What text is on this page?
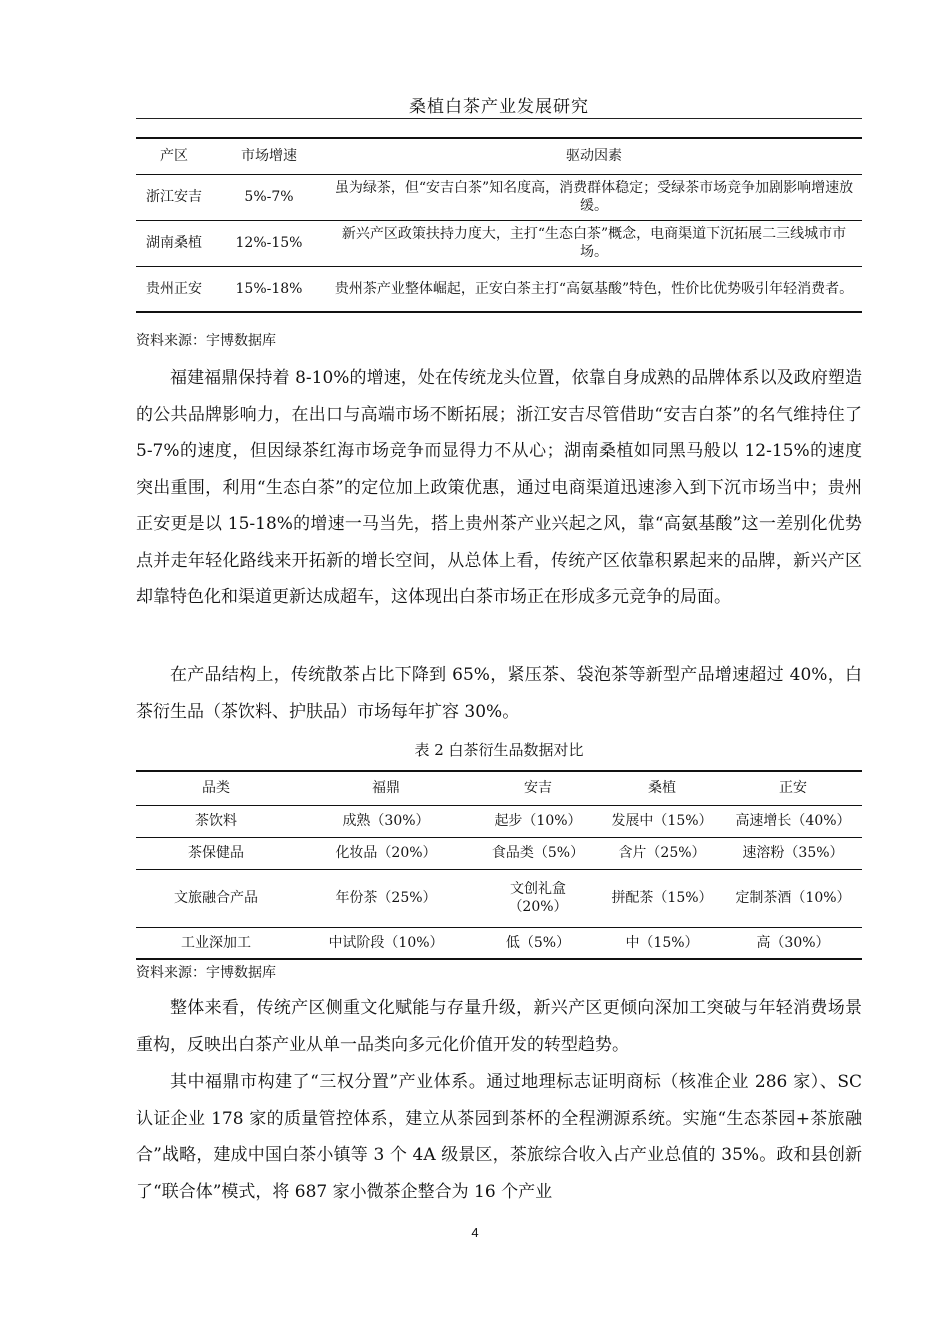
桑植白茶产业发展研究
产区	市场增速	驱动因素
浙江安吉	5%-7%	虽为绿茶，但“安吉白茶”知名度高，消费群体稳定；受绿茶市场竞争加剧影响增速放缓。
湖南桑植	12%-15%	新兴产区政策扶持力度大，主打“生态白茶”概念，电商渠道下沉拓展二三线城市市场。
贵州正安	15%-18%	贵州茶产业整体崛起，正安白茶主打“高氨基酸”特色，性价比优势吸引年轻消费者。
资料来源：宇博数据库

福建福鼎保持着 8-10%的增速，处在传统龙头位置，依靠自身成熟的品牌体系以及政府塑造的公共品牌影响力，在出口与高端市场不断拓展；浙江安吉尽管借助“安吉白茶”的名气维持住了 5-7%的速度，但因绿茶红海市场竞争而显得力不从心；湖南桑植如同黑马般以 12-15%的速度突出重围，利用“生态白茶”的定位加上政策优惠，通过电商渠道迅速渗入到下沉市场当中；贵州正安更是以 15-18%的增速一马当先，搭上贵州茶产业兴起之风，靠“高氨基酸”这一差别化优势点并走年轻化路线来开拓新的增长空间，从总体上看，传统产区依靠积累起来的品牌，新兴产区却靠特色化和渠道更新达成超车，这体现出白茶市场正在形成多元竞争的局面。

在产品结构上，传统散茶占比下降到 65%，紧压茶、袋泡茶等新型产品增速超过 40%，白茶衍生品（茶饮料、护肤品）市场每年扩容 30%。

表 2 白茶衍生品数据对比
品类	福鼎	安吉	桑植	正安
茶饮料	成熟（30%）	起步（10%）	发展中（15%）	高速增长（40%）
茶保健品	化妆品（20%）	食品类（5%）	含片（25%）	速溶粉（35%）
文旅融合产品	年份茶（25%）	文创礼盒（20%）	拼配茶（15%）	定制茶酒（10%）
工业深加工	中试阶段（10%）	低（5%）	中（15%）	高（30%）
资料来源：宇博数据库

整体来看，传统产区侧重文化赋能与存量升级，新兴产区更倾向深加工突破与年轻消费场景重构，反映出白茶产业从单一品类向多元化价值开发的转型趋势。

其中福鼎市构建了“三权分置”产业体系。通过地理标志证明商标（核准企业 286 家）、SC 认证企业 178 家的质量管控体系，建立从茶园到茶杯的全程溯源系统。实施“生态茶园+茶旅融合”战略，建成中国白茶小镇等 3 个 4A 级景区，茶旅综合收入占产业总值的 35%。政和县创新了“联合体”模式，将 687 家小微茶企整合为 16 个产业

4
